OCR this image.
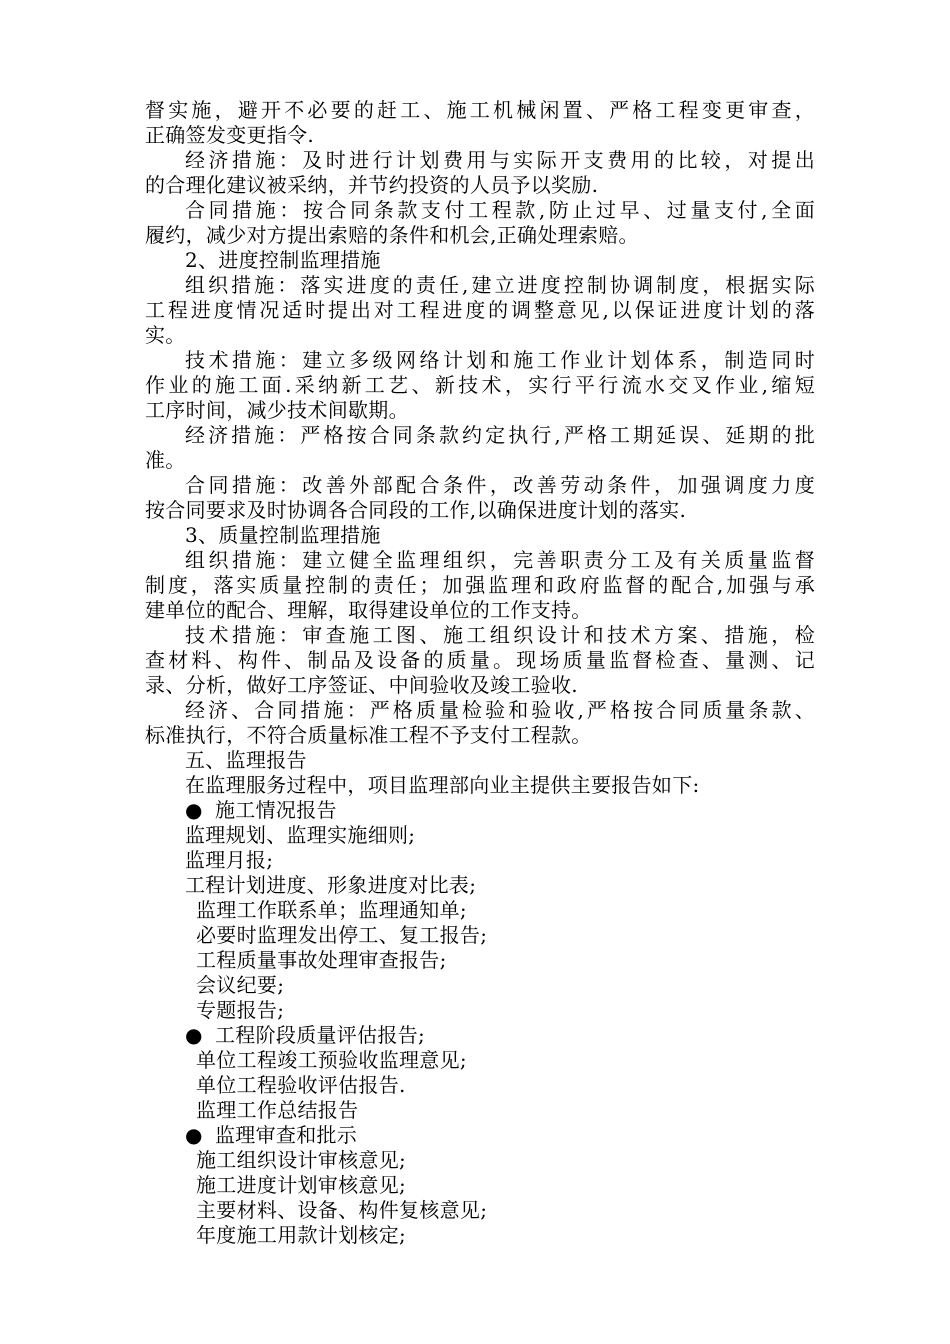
督实施，避开不必要的赶工、施工机械闲置、严格工程变更审查，
正确签发变更指令.
经济措施：及时进行计划费用与实际开支费用的比较，对提出
的合理化建议被采纳，并节约投资的人员予以奖励.
合同措施：按合同条款支付工程款,防止过早、过量支付,全面
履约，减少对方提出索赔的条件和机会,正确处理索赔。
2、进度控制监理措施
组织措施：落实进度的责任,建立进度控制协调制度，根据实际
工程进度情况适时提出对工程进度的调整意见,以保证进度计划的落
实。
技术措施：建立多级网络计划和施工作业计划体系，制造同时
作业的施工面.采纳新工艺、新技术，实行平行流水交叉作业,缩短
工序时间，减少技术间歇期。
经济措施：严格按合同条款约定执行,严格工期延误、延期的批
准。
合同措施：改善外部配合条件，改善劳动条件，加强调度力度
按合同要求及时协调各合同段的工作,以确保进度计划的落实.
3、质量控制监理措施
组织措施：建立健全监理组织，完善职责分工及有关质量监督
制度，落实质量控制的责任；加强监理和政府监督的配合,加强与承
建单位的配合、理解，取得建设单位的工作支持。
技术措施：审查施工图、施工组织设计和技术方案、措施，检
查材料、构件、制品及设备的质量。现场质量监督检查、量测、记
录、分析，做好工序签证、中间验收及竣工验收.
经济、合同措施：严格质量检验和验收,严格按合同质量条款、
标准执行，不符合质量标准工程不予支付工程款。
五、监理报告
在监理服务过程中，项目监理部向业主提供主要报告如下:
● 施工情况报告
监理规划、监理实施细则;
监理月报;
工程计划进度、形象进度对比表;
监理工作联系单；监理通知单;
必要时监理发出停工、复工报告;
工程质量事故处理审查报告;
会议纪要;
专题报告;
● 工程阶段质量评估报告;
单位工程竣工预验收监理意见;
单位工程验收评估报告.
监理工作总结报告
● 监理审查和批示
施工组织设计审核意见;
施工进度计划审核意见;
主要材料、设备、构件复核意见;
年度施工用款计划核定;
